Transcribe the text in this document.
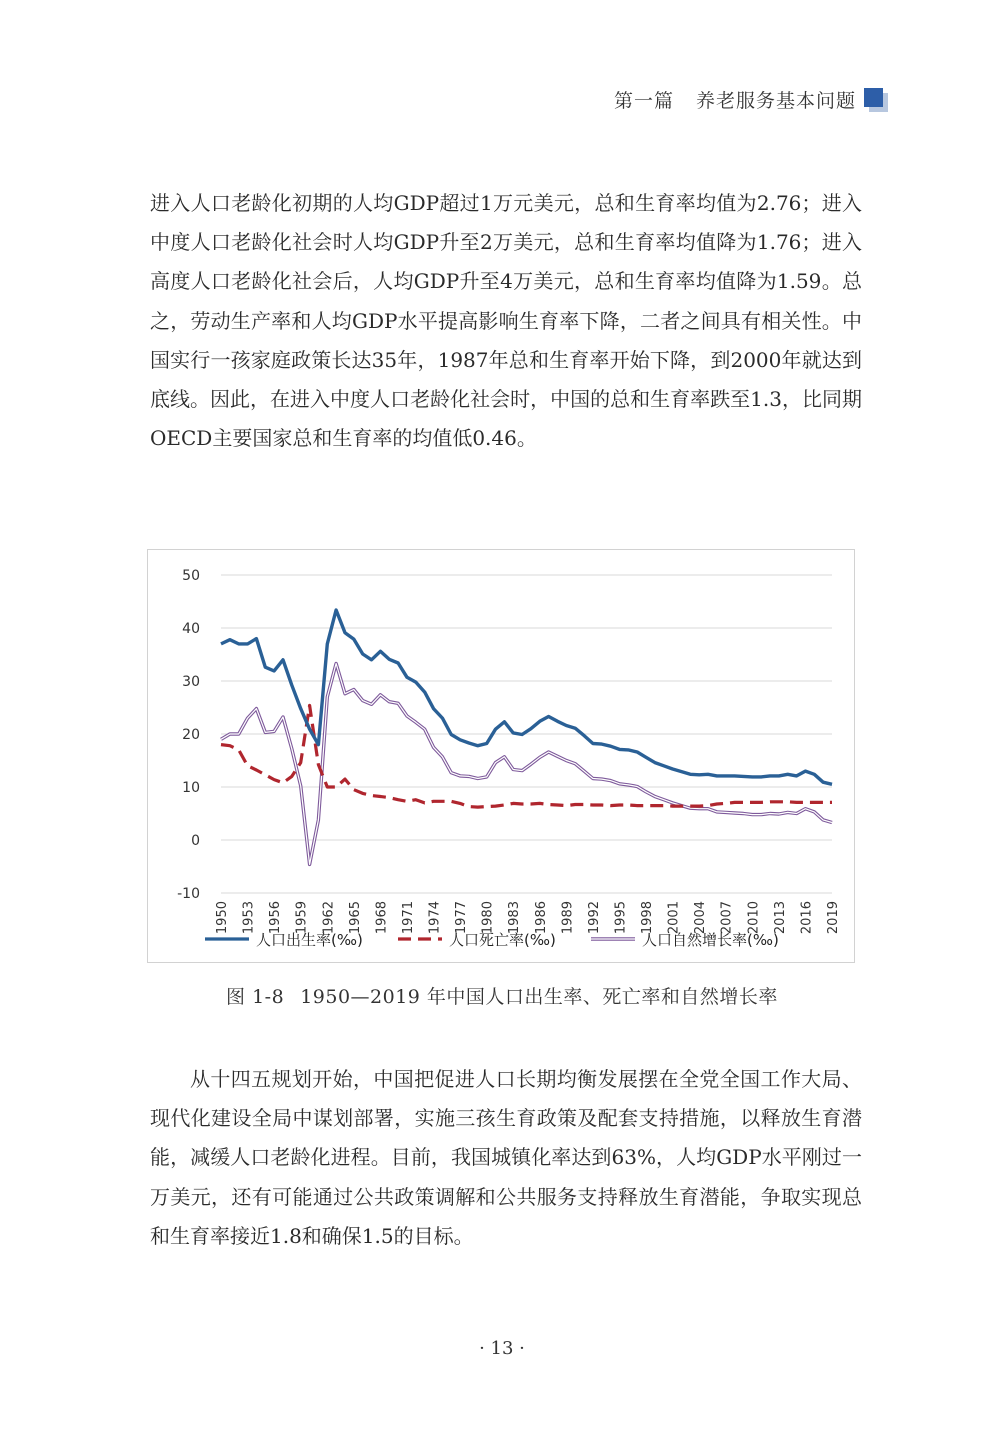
第一篇 养老服务基本问题

进入人口老龄化初期的人均GDP超过1万元美元，总和生育率均值为2.76；进入中度人口老龄化社会时人均GDP升至2万美元，总和生育率均值降为1.76；进入高度人口老龄化社会后，人均GDP升至4万美元，总和生育率均值降为1.59。总之，劳动生产率和人均GDP水平提高影响生育率下降，二者之间具有相关性。中国实行一孩家庭政策长达35年，1987年总和生育率开始下降，到2000年就达到底线。因此，在进入中度人口老龄化社会时，中国的总和生育率跌至1.3，比同期OECD主要国家总和生育率的均值低0.46。

-10
0
10
20
30
40
50
1950 1953 1956 1959 1962 1965 1968 1971 1974 1977 1980 1983 1986 1989 1992 1995 1998 2001 2004 2007 2010 2013 2016 2019
人口出生率(‰)	人口死亡率(‰)	人口自然增长率(‰)
图 1-8 1950—2019 年中国人口出生率、死亡率和自然增长率

从十四五规划开始，中国把促进人口长期均衡发展摆在全党全国工作大局、现代化建设全局中谋划部署，实施三孩生育政策及配套支持措施，以释放生育潜能，减缓人口老龄化进程。目前，我国城镇化率达到63%，人均GDP水平刚过一万美元，还有可能通过公共政策调解和公共服务支持释放生育潜能，争取实现总和生育率接近1.8和确保1.5的目标。

· 13 ·
